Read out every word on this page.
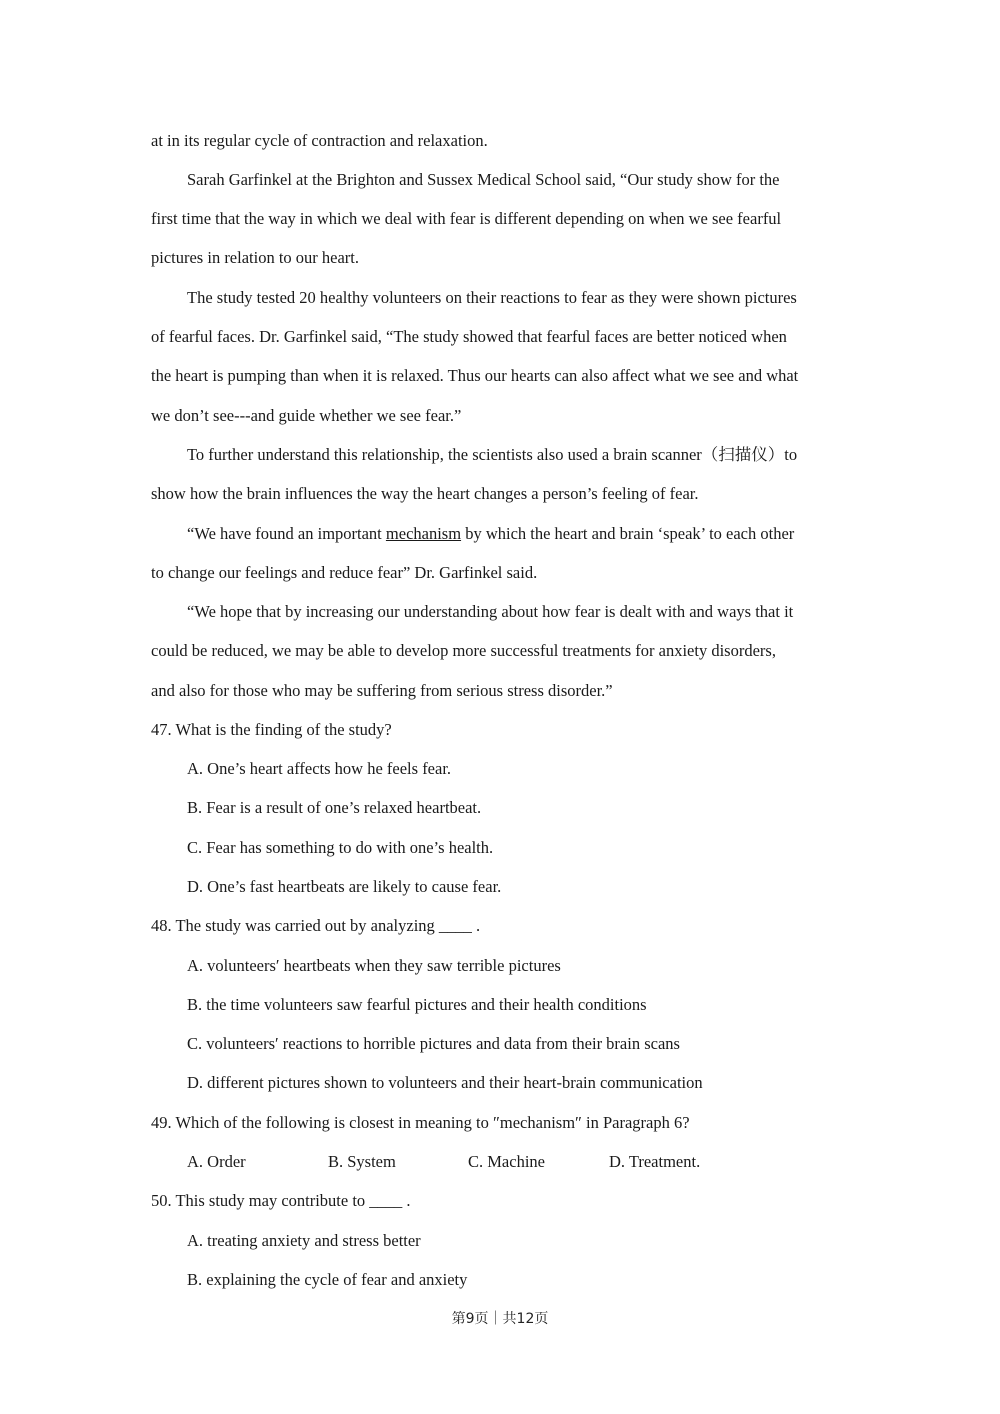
at in its regular cycle of contraction and relaxation.
Sarah Garfinkel at the Brighton and Sussex Medical School said, “Our study show for the
first time that the way in which we deal with fear is different depending on when we see fearful
pictures in relation to our heart.
The study tested 20 healthy volunteers on their reactions to fear as they were shown pictures
of fearful faces. Dr. Garfinkel said, “The study showed that fearful faces are better noticed when
the heart is pumping than when it is relaxed. Thus our hearts can also affect what we see and what
we don’t see---and guide whether we see fear.”
To further understand this relationship, the scientists also used a brain scanner（扫描仪）to
show how the brain influences the way the heart changes a person’s feeling of fear.
“We have found an important mechanism by which the heart and brain ‘speak’ to each other
to change our feelings and reduce fear” Dr. Garfinkel said.
“We hope that by increasing our understanding about how fear is dealt with and ways that it
could be reduced, we may be able to develop more successful treatments for anxiety disorders,
and also for those who may be suffering from serious stress disorder.”
47. What is the finding of the study?
A. One’s heart affects how he feels fear.
B. Fear is a result of one’s relaxed heartbeat.
C. Fear has something to do with one’s health.
D. One’s fast heartbeats are likely to cause fear.
48. The study was carried out by analyzing ____ .
A. volunteers′ heartbeats when they saw terrible pictures
B. the time volunteers saw fearful pictures and their health conditions
C. volunteers′ reactions to horrible pictures and data from their brain scans
D. different pictures shown to volunteers and their heart-brain communication
49. Which of the following is closest in meaning to ″mechanism″ in Paragraph 6?
A. Order	B. System	C. Machine	D. Treatment.
50. This study may contribute to ____ .
A. treating anxiety and stress better
B. explaining the cycle of fear and anxiety
第9页｜共12页
